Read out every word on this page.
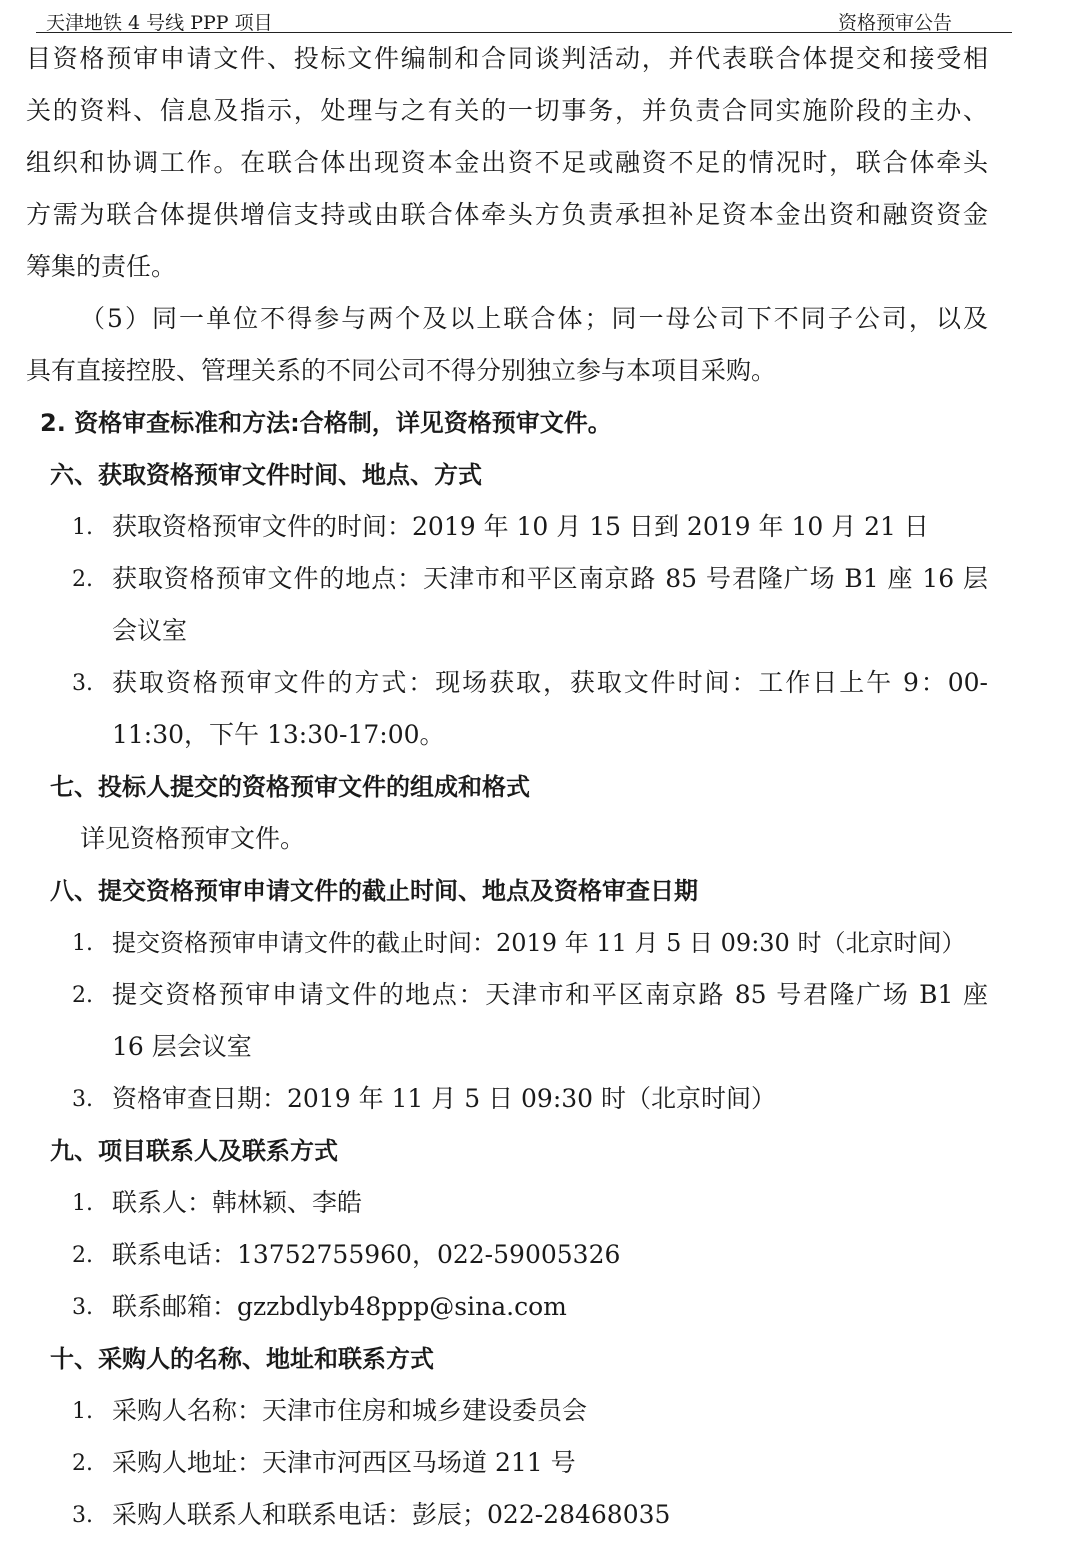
天津地铁 4 号线 PPP 项目	资格预审公告
目资格预审申请文件、投标文件编制和合同谈判活动，并代表联合体提交和接受相
关的资料、信息及指示，处理与之有关的一切事务，并负责合同实施阶段的主办、
组织和协调工作。在联合体出现资本金出资不足或融资不足的情况时，联合体牵头
方需为联合体提供增信支持或由联合体牵头方负责承担补足资本金出资和融资资金
筹集的责任。
（5）同一单位不得参与两个及以上联合体；同一母公司下不同子公司，以及
具有直接控股、管理关系的不同公司不得分别独立参与本项目采购。
2. 资格审查标准和方法:合格制，详见资格预审文件。
六、获取资格预审文件时间、地点、方式
1. 获取资格预审文件的时间：2019 年 10 月 15 日到 2019 年 10 月 21 日
2. 获取资格预审文件的地点：天津市和平区南京路 85 号君隆广场 B1 座 16 层
会议室
3. 获取资格预审文件的方式：现场获取，获取文件时间：工作日上午 9：00-
11:30，下午 13:30-17:00。
七、投标人提交的资格预审文件的组成和格式
详见资格预审文件。
八、提交资格预审申请文件的截止时间、地点及资格审查日期
1. 提交资格预审申请文件的截止时间：2019 年 11 月 5 日 09:30 时（北京时间）
2. 提交资格预审申请文件的地点：天津市和平区南京路 85 号君隆广场 B1 座
16 层会议室
3. 资格审查日期：2019 年 11 月 5 日 09:30 时（北京时间）
九、项目联系人及联系方式
1. 联系人：韩林颖、李皓
2. 联系电话：13752755960，022-59005326
3. 联系邮箱：gzzbdlyb48ppp@sina.com
十、采购人的名称、地址和联系方式
1. 采购人名称：天津市住房和城乡建设委员会
2. 采购人地址：天津市河西区马场道 211 号
3. 采购人联系人和联系电话：彭辰；022-28468035
